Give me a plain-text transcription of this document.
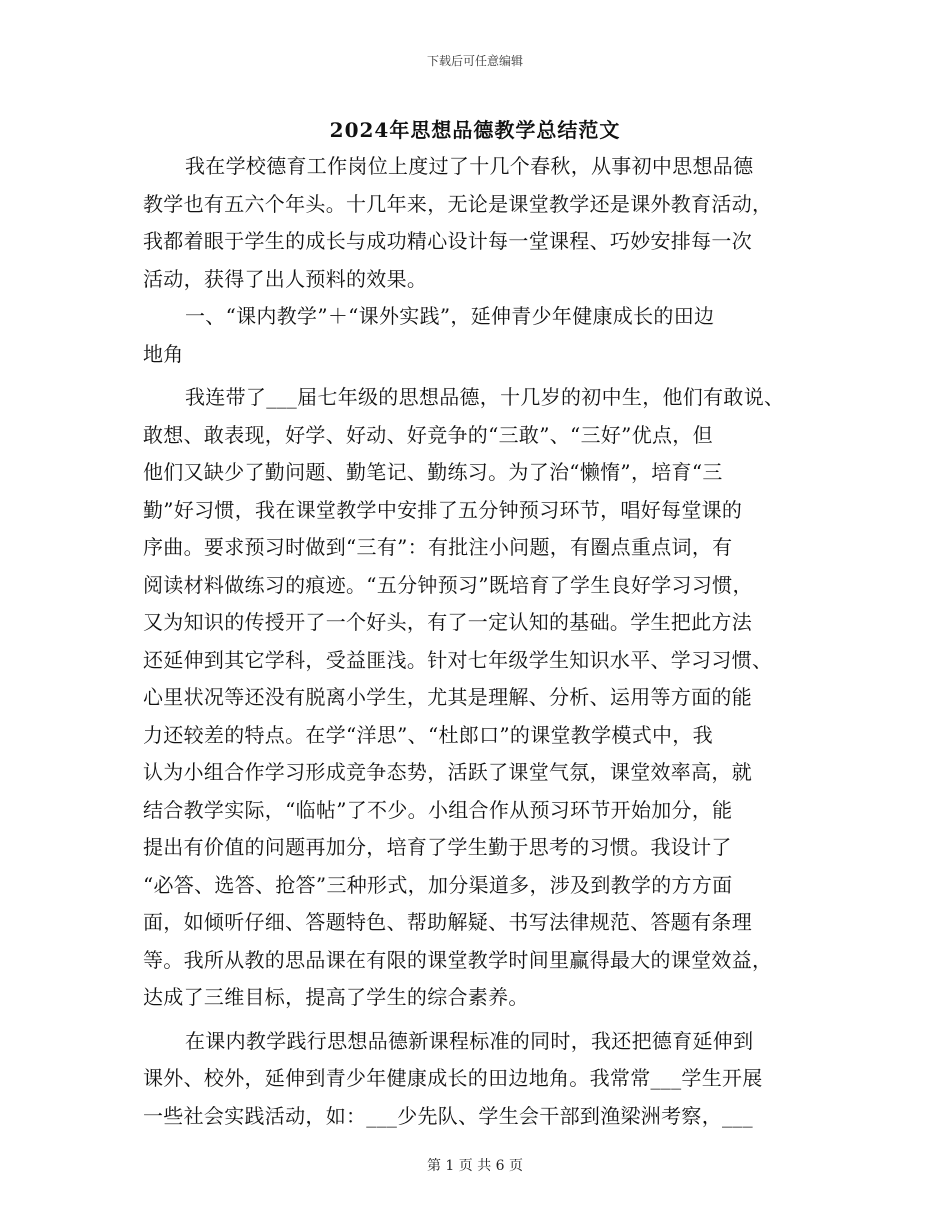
下载后可任意编辑
2024年思想品德教学总结范文
我在学校德育工作岗位上度过了十几个春秋，从事初中思想品德
教学也有五六个年头。十几年来，无论是课堂教学还是课外教育活动，
我都着眼于学生的成长与成功精心设计每一堂课程、巧妙安排每一次
活动，获得了出人预料的效果。
一、“课内教学”＋“课外实践”，延伸青少年健康成长的田边
地角
我连带了___届七年级的思想品德，十几岁的初中生，他们有敢说、
敢想、敢表现，好学、好动、好竞争的“三敢”、“三好”优点，但
他们又缺少了勤问题、勤笔记、勤练习。为了治“懒惰”，培育“三
勤”好习惯，我在课堂教学中安排了五分钟预习环节，唱好每堂课的
序曲。要求预习时做到“三有”：有批注小问题，有圈点重点词，有
阅读材料做练习的痕迹。“五分钟预习”既培育了学生良好学习习惯，
又为知识的传授开了一个好头，有了一定认知的基础。学生把此方法
还延伸到其它学科，受益匪浅。针对七年级学生知识水平、学习习惯、
心里状况等还没有脱离小学生，尤其是理解、分析、运用等方面的能
力还较差的特点。在学“洋思”、“杜郎口”的课堂教学模式中，我
认为小组合作学习形成竞争态势，活跃了课堂气氛，课堂效率高，就
结合教学实际，“临帖”了不少。小组合作从预习环节开始加分，能
提出有价值的问题再加分，培育了学生勤于思考的习惯。我设计了
“必答、选答、抢答”三种形式，加分渠道多，涉及到教学的方方面
面，如倾听仔细、答题特色、帮助解疑、书写法律规范、答题有条理
等。我所从教的思品课在有限的课堂教学时间里赢得最大的课堂效益，
达成了三维目标，提高了学生的综合素养。
在课内教学践行思想品德新课程标准的同时，我还把德育延伸到
课外、校外，延伸到青少年健康成长的田边地角。我常常___学生开展
一些社会实践活动，如：___少先队、学生会干部到渔梁洲考察，___
第 1 页 共 6 页
